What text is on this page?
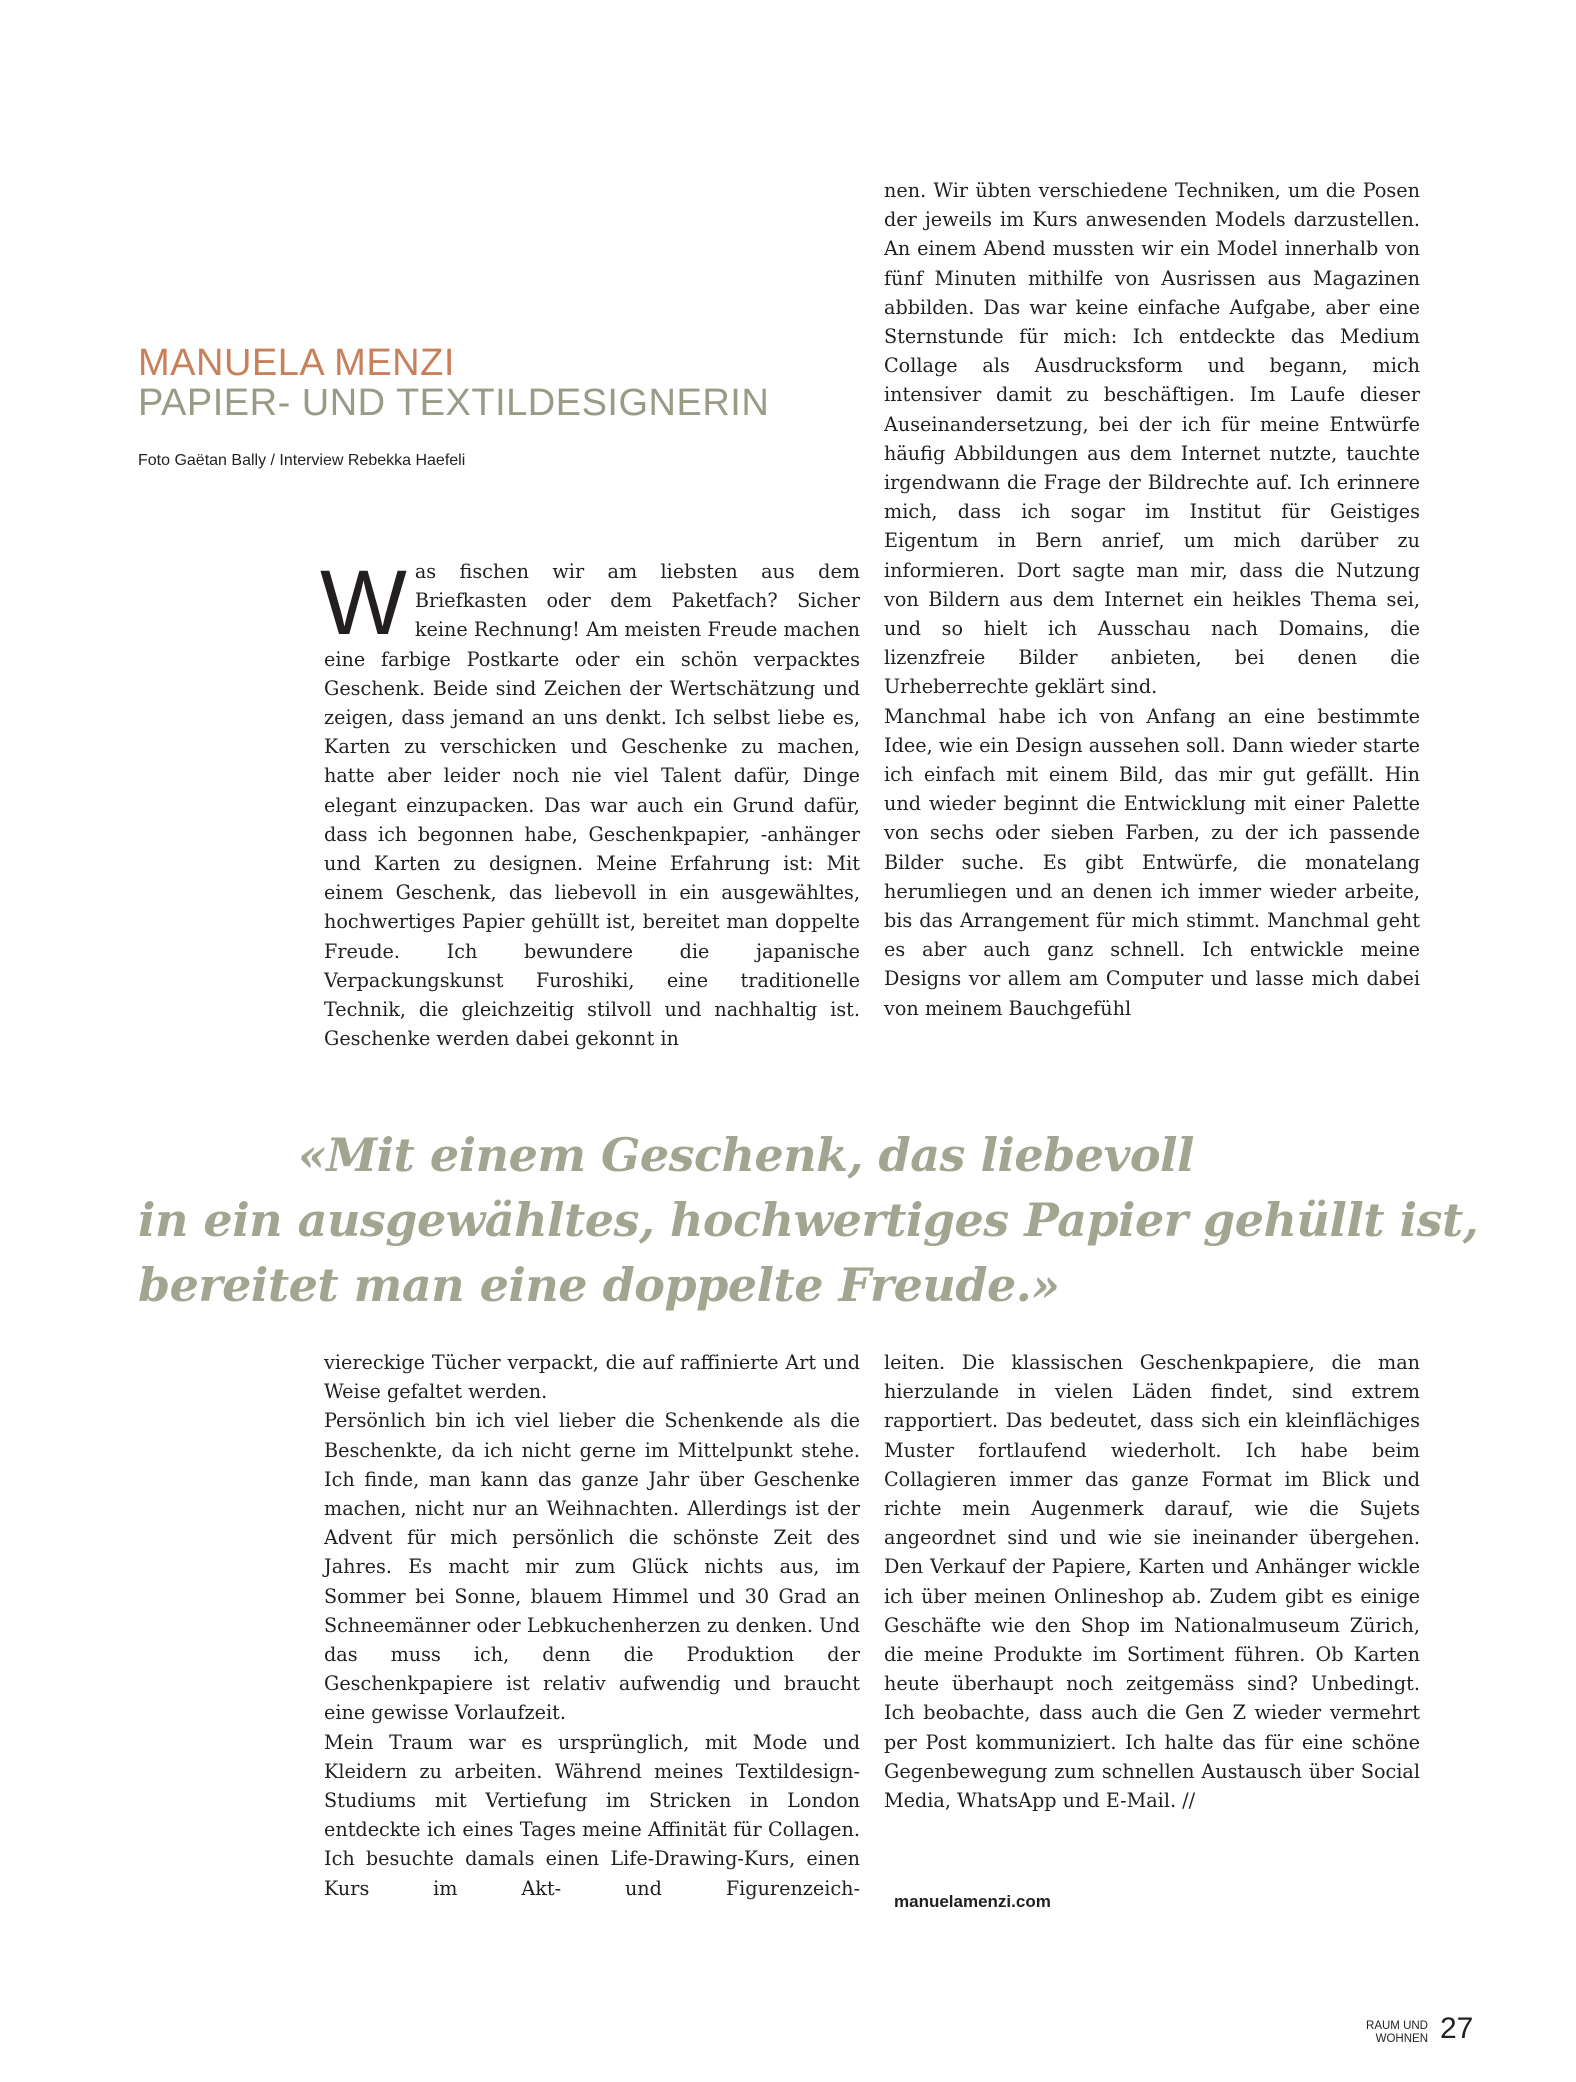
MANUELA MENZI
PAPIER- UND TEXTILDESIGNERIN
Foto Gaëtan Bally / Interview Rebekka Haefeli

Was fischen wir am liebsten aus dem Briefkasten oder dem Paketfach? Sicher keine Rechnung! Am meisten Freude machen eine farbige Postkarte oder ein schön verpacktes Geschenk. Beide sind Zeichen der Wertschätzung und zeigen, dass jemand an uns denkt. Ich selbst liebe es, Karten zu verschicken und Geschenke zu machen, hatte aber leider noch nie viel Talent dafür, Dinge elegant einzupacken. Das war auch ein Grund dafür, dass ich begonnen habe, Geschenkpapier, -anhänger und Karten zu designen. Meine Erfahrung ist: Mit einem Geschenk, das liebevoll in ein ausgewähltes, hochwertiges Papier gehüllt ist, bereitet man doppelte Freude. Ich bewundere die japanische Verpackungskunst Furoshiki, eine traditionelle Technik, die gleichzeitig stilvoll und nachhaltig ist. Geschenke werden dabei gekonnt in

nen. Wir übten verschiedene Techniken, um die Posen der jeweils im Kurs anwesenden Models darzustellen. An einem Abend mussten wir ein Model innerhalb von fünf Minuten mithilfe von Ausrissen aus Magazinen abbilden. Das war keine einfache Aufgabe, aber eine Sternstunde für mich: Ich entdeckte das Medium Collage als Ausdrucksform und begann, mich intensiver damit zu beschäftigen. Im Laufe dieser Auseinandersetzung, bei der ich für meine Entwürfe häufig Abbildungen aus dem Internet nutzte, tauchte irgendwann die Frage der Bildrechte auf. Ich erinnere mich, dass ich sogar im Institut für Geistiges Eigentum in Bern anrief, um mich darüber zu informieren. Dort sagte man mir, dass die Nutzung von Bildern aus dem Internet ein heikles Thema sei, und so hielt ich Ausschau nach Domains, die lizenzfreie Bilder anbieten, bei denen die Urheberrechte geklärt sind.

Manchmal habe ich von Anfang an eine bestimmte Idee, wie ein Design aussehen soll. Dann wieder starte ich einfach mit einem Bild, das mir gut gefällt. Hin und wieder beginnt die Entwicklung mit einer Palette von sechs oder sieben Farben, zu der ich passende Bilder suche. Es gibt Entwürfe, die monatelang herumliegen und an denen ich immer wieder arbeite, bis das Arrangement für mich stimmt. Manchmal geht es aber auch ganz schnell. Ich entwickle meine Designs vor allem am Computer und lasse mich dabei von meinem Bauchgefühl

«Mit einem Geschenk, das liebevoll
in ein ausgewähltes, hochwertiges Papier gehüllt ist,
bereitet man eine doppelte Freude.»

viereckige Tücher verpackt, die auf raffinierte Art und Weise gefaltet werden.

Persönlich bin ich viel lieber die Schenkende als die Beschenkte, da ich nicht gerne im Mittelpunkt stehe. Ich finde, man kann das ganze Jahr über Geschenke machen, nicht nur an Weihnachten. Allerdings ist der Advent für mich persönlich die schönste Zeit des Jahres. Es macht mir zum Glück nichts aus, im Sommer bei Sonne, blauem Himmel und 30 Grad an Schneemänner oder Lebkuchenherzen zu denken. Und das muss ich, denn die Produktion der Geschenkpapiere ist relativ aufwendig und braucht eine gewisse Vorlaufzeit.

Mein Traum war es ursprünglich, mit Mode und Kleidern zu arbeiten. Während meines Textildesign-Studiums mit Vertiefung im Stricken in London entdeckte ich eines Tages meine Affinität für Collagen. Ich besuchte damals einen Life-Drawing-Kurs, einen Kurs im Akt- und Figurenzeich-

leiten. Die klassischen Geschenkpapiere, die man hierzulande in vielen Läden findet, sind extrem rapportiert. Das bedeutet, dass sich ein kleinflächiges Muster fortlaufend wiederholt. Ich habe beim Collagieren immer das ganze Format im Blick und richte mein Augenmerk darauf, wie die Sujets angeordnet sind und wie sie ineinander übergehen. Den Verkauf der Papiere, Karten und Anhänger wickle ich über meinen Onlineshop ab. Zudem gibt es einige Geschäfte wie den Shop im Nationalmuseum Zürich, die meine Produkte im Sortiment führen. Ob Karten heute überhaupt noch zeitgemäss sind? Unbedingt. Ich beobachte, dass auch die Gen Z wieder vermehrt per Post kommuniziert. Ich halte das für eine schöne Gegenbewegung zum schnellen Austausch über Social Media, WhatsApp und E-Mail. //

manuelamenzi.com
RAUM UND
WOHNEN 27
